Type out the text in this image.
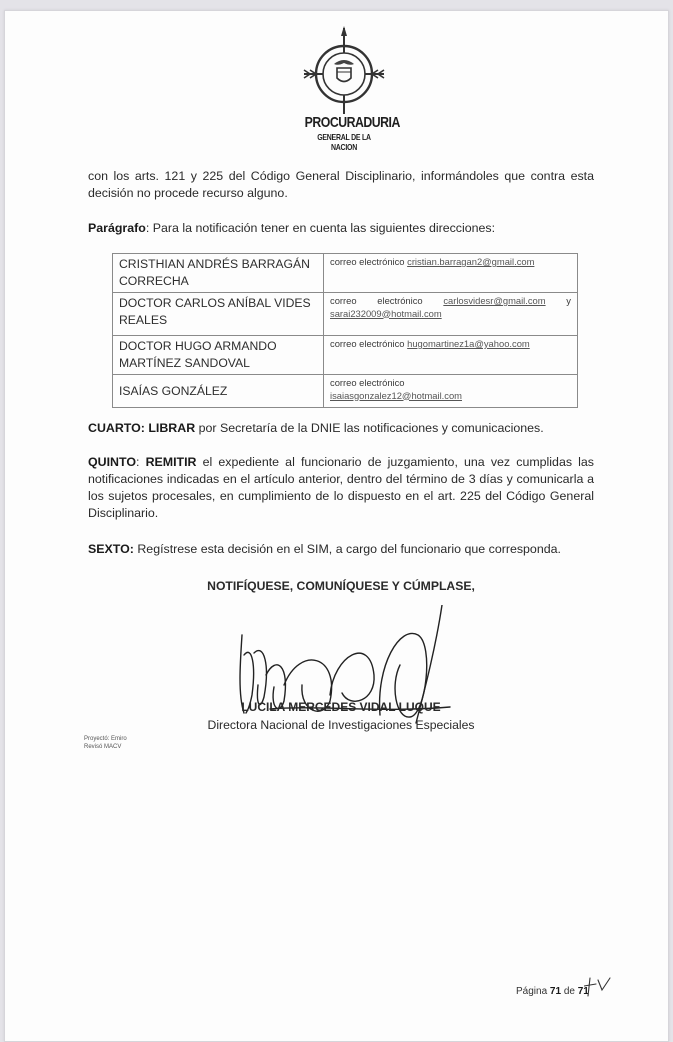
PROCURADURIA
GENERAL DE LA NACION
con los arts. 121 y 225 del Código General Disciplinario, informándoles que contra esta decisión no procede recurso alguno.
Parágrafo: Para la notificación tener en cuenta las siguientes direcciones:
CRISTHIAN ANDRÉS BARRAGÁN CORRECHA	correo electrónico cristian.barragan2@gmail.com
DOCTOR CARLOS ANÍBAL VIDES REALES	correo electrónico carlosvidesr@gmail.com y sarai232009@hotmail.com
DOCTOR HUGO ARMANDO MARTÍNEZ SANDOVAL	correo electrónico hugomartinez1a@yahoo.com
ISAÍAS GONZÁLEZ	correo electrónico
isaiasgonzalez12@hotmail.com
CUARTO: LIBRAR por Secretaría de la DNIE las notificaciones y comunicaciones.
QUINTO: REMITIR el expediente al funcionario de juzgamiento, una vez cumplidas las notificaciones indicadas en el artículo anterior, dentro del término de 3 días y comunicarla a los sujetos procesales, en cumplimiento de lo dispuesto en el art. 225 del Código General Disciplinario.
SEXTO: Regístrese esta decisión en el SIM, a cargo del funcionario que corresponda.
NOTIFÍQUESE, COMUNÍQUESE Y CÚMPLASE,
LUCILA MERCEDES VIDAL LUQUE
Directora Nacional de Investigaciones Especiales
Proyectó: Emiro
Revisó MACV
Página 71 de 71
